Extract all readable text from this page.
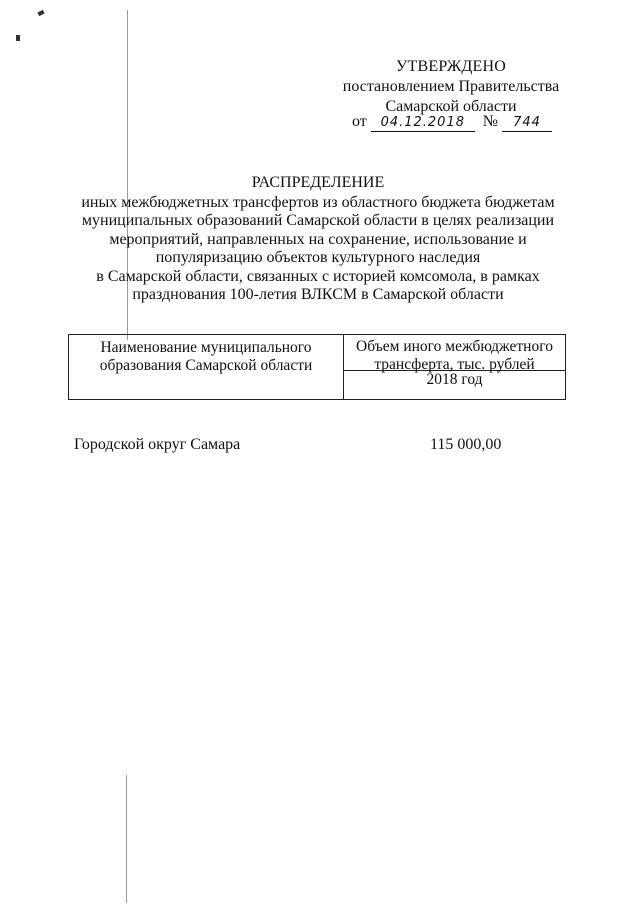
УТВЕРЖДЕНО
постановлением Правительства
Самарской области
от 04.12.2018 № 744
РАСПРЕДЕЛЕНИЕ
иных межбюджетных трансфертов из областного бюджета бюджетам
муниципальных образований Самарской области в целях реализации
мероприятий, направленных на сохранение, использование и
популяризацию объектов культурного наследия
в Самарской области, связанных с историей комсомола, в рамках
празднования 100-летия ВЛКСМ в Самарской области
Наименование муниципального образования Самарской области
Объем иного межбюджетного трансферта, тыс. рублей
2018 год
Городской округ Самара	115 000,00
